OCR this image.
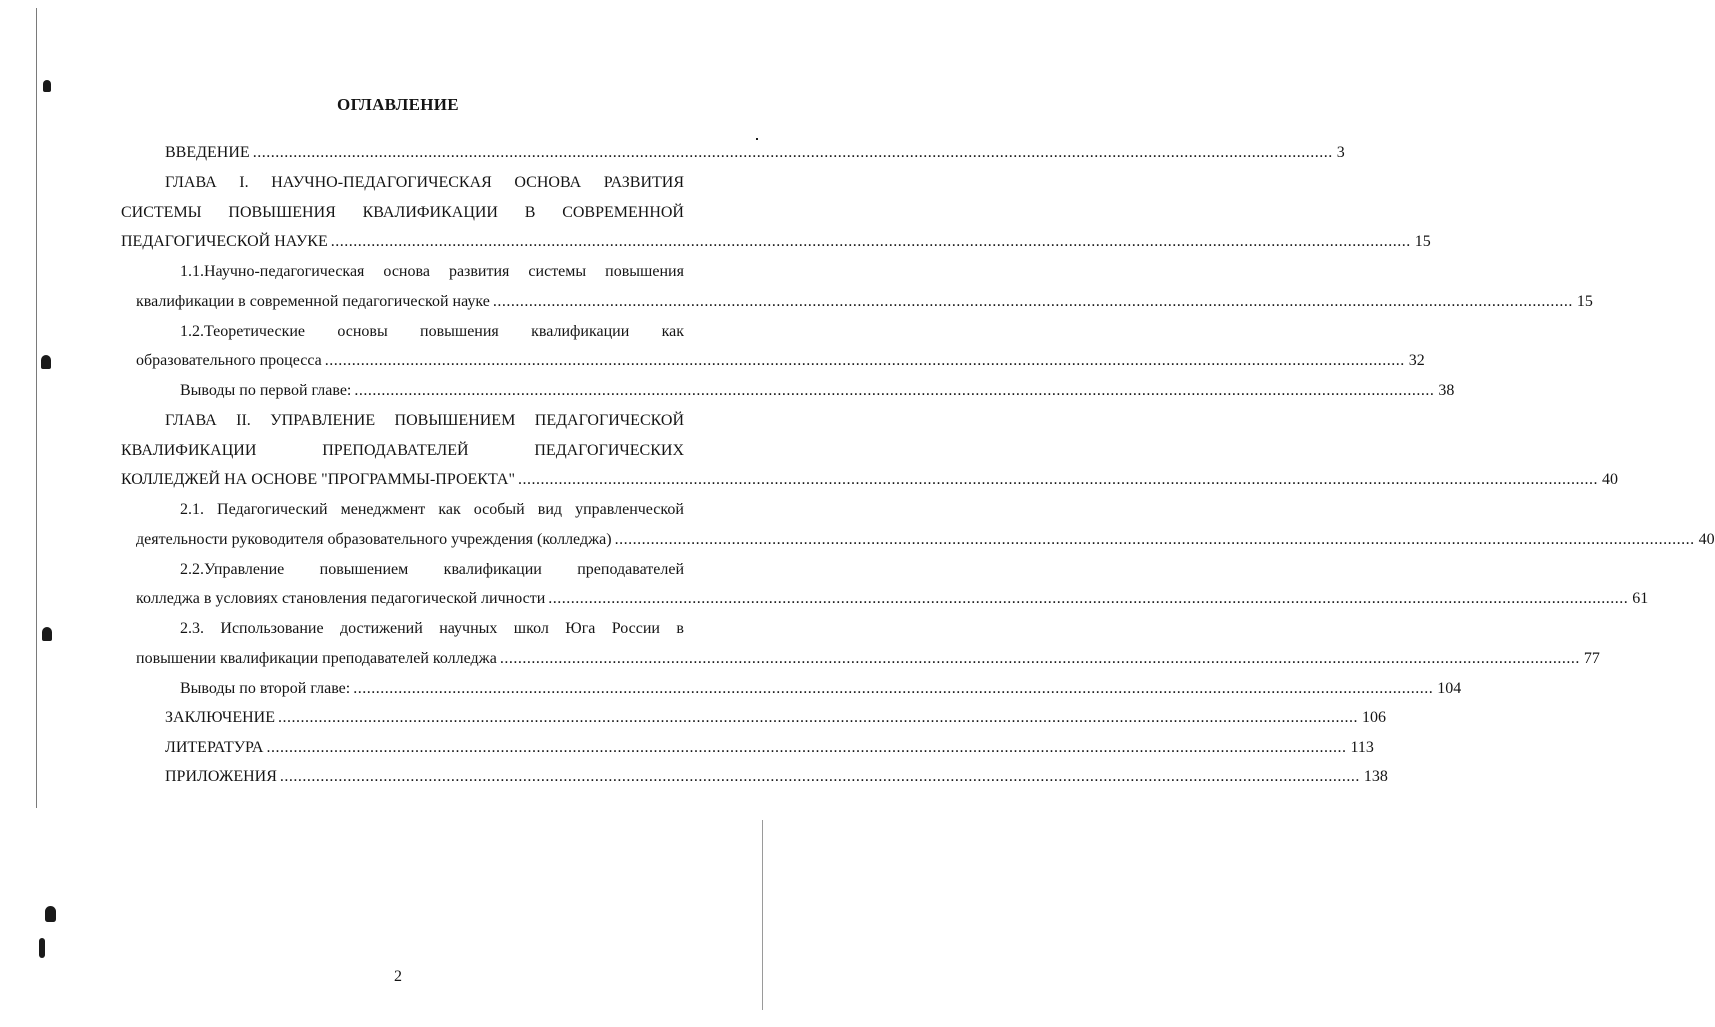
ОГЛАВЛЕНИЕ
ВВЕДЕНИЕ .....	3
ГЛАВА I. НАУЧНО-ПЕДАГОГИЧЕСКАЯ ОСНОВА РАЗВИТИЯ
СИСТЕМЫ ПОВЫШЕНИЯ КВАЛИФИКАЦИИ В СОВРЕМЕННОЙ
ПЕДАГОГИЧЕСКОЙ НАУКЕ .....	15
1.1.Научно-педагогическая основа развития системы повышения
квалификации в современной педагогической науке .....	15
1.2.Теоретические основы повышения квалификации как
образовательного процесса .....	32
Выводы по первой главе: .....	38
ГЛАВА II. УПРАВЛЕНИЕ ПОВЫШЕНИЕМ ПЕДАГОГИЧЕСКОЙ
КВАЛИФИКАЦИИ	ПРЕПОДАВАТЕЛЕЙ	ПЕДАГОГИЧЕСКИХ
КОЛЛЕДЖЕЙ НА ОСНОВЕ "ПРОГРАММЫ-ПРОЕКТА" .....	40
2.1. Педагогический менеджмент как особый вид управленческой
деятельности руководителя образовательного учреждения (колледжа) .....	40
2.2.Управление повышением квалификации преподавателей
колледжа в условиях становления педагогической личности .....	61
2.3. Использование достижений научных школ Юга России в
повышении квалификации преподавателей колледжа .....	77
Выводы по второй главе: .....	104
ЗАКЛЮЧЕНИЕ .....	106
ЛИТЕРАТУРА .....	113
ПРИЛОЖЕНИЯ .....	138
2
